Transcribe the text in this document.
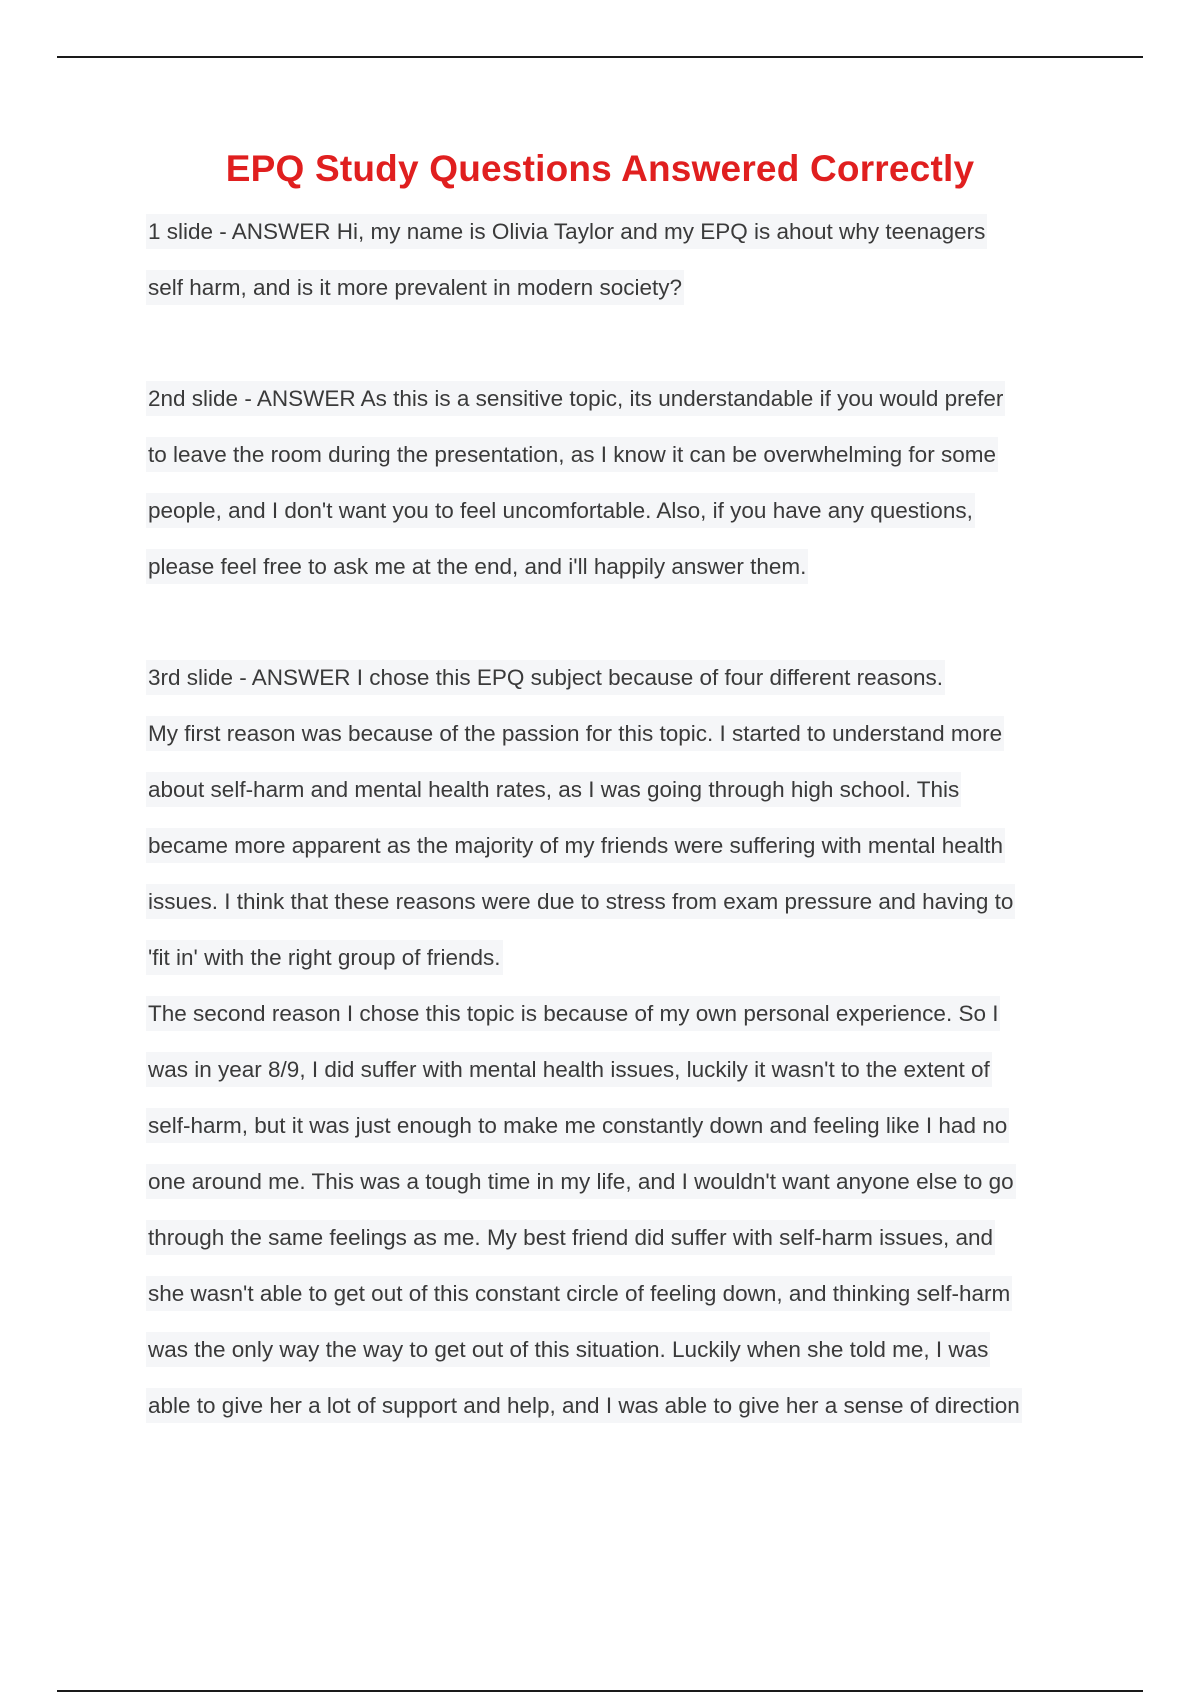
EPQ Study Questions Answered Correctly
1 slide - ANSWER Hi, my name is Olivia Taylor and my EPQ is ahout why teenagers
self harm, and is it more prevalent in modern society?
2nd slide - ANSWER As this is a sensitive topic, its understandable if you would prefer
to leave the room during the presentation, as I know it can be overwhelming for some
people, and I don't want you to feel uncomfortable. Also, if you have any questions,
please feel free to ask me at the end, and i'll happily answer them.
3rd slide - ANSWER I chose this EPQ subject because of four different reasons.
My first reason was because of the passion for this topic. I started to understand more
about self-harm and mental health rates, as I was going through high school. This
became more apparent as the majority of my friends were suffering with mental health
issues. I think that these reasons were due to stress from exam pressure and having to
'fit in' with the right group of friends.
The second reason I chose this topic is because of my own personal experience. So I
was in year 8/9, I did suffer with mental health issues, luckily it wasn't to the extent of
self-harm, but it was just enough to make me constantly down and feeling like I had no
one around me. This was a tough time in my life, and I wouldn't want anyone else to go
through the same feelings as me. My best friend did suffer with self-harm issues, and
she wasn't able to get out of this constant circle of feeling down, and thinking self-harm
was the only way the way to get out of this situation. Luckily when she told me, I was
able to give her a lot of support and help, and I was able to give her a sense of direction
